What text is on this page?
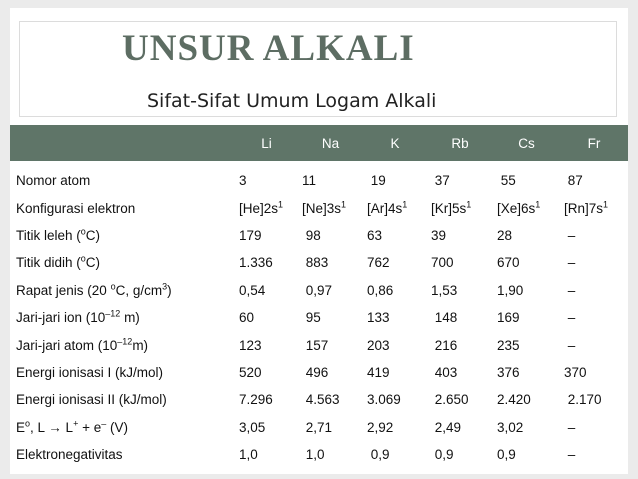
UNSUR ALKALI
Sifat-Sifat Umum Logam Alkali
	Li	Na	K	Rb	Cs	Fr
Nomor atom	3	11	19	37	55	87
Konfigurasi elektron	$[He]2s^1$	$[Ne]3s^1$	$[Ar]4s^1$	$[Kr]5s^1$	$[Xe]6s^1$	$[Rn]7s^1$
Titik leleh ($^o$C)	179	98	63	39	28	–
Titik didih ($^o$C)	1.336	883	762	700	670	–
Rapat jenis (20 $^o$C, $g/cm^3$)	0,54	0,97	0,86	1,53	1,90	–
Jari-jari ion ($10^{-12}$ m)	60	95	133	148	169	–
Jari-jari atom $(10^{-12}m)$	123	157	203	216	235	–
Energi ionisasi I (kJ/mol)	520	496	419	403	376	370
Energi ionisasi II (kJ/mol)	7.296	4.563	3.069	2.650	2.420	2.170
$E^o$, L → L+ + e– (V)	3,05	2,71	2,92	2,49	3,02	–
Elektronegativitas	1,0	1,0	0,9	0,9	0,9	–
